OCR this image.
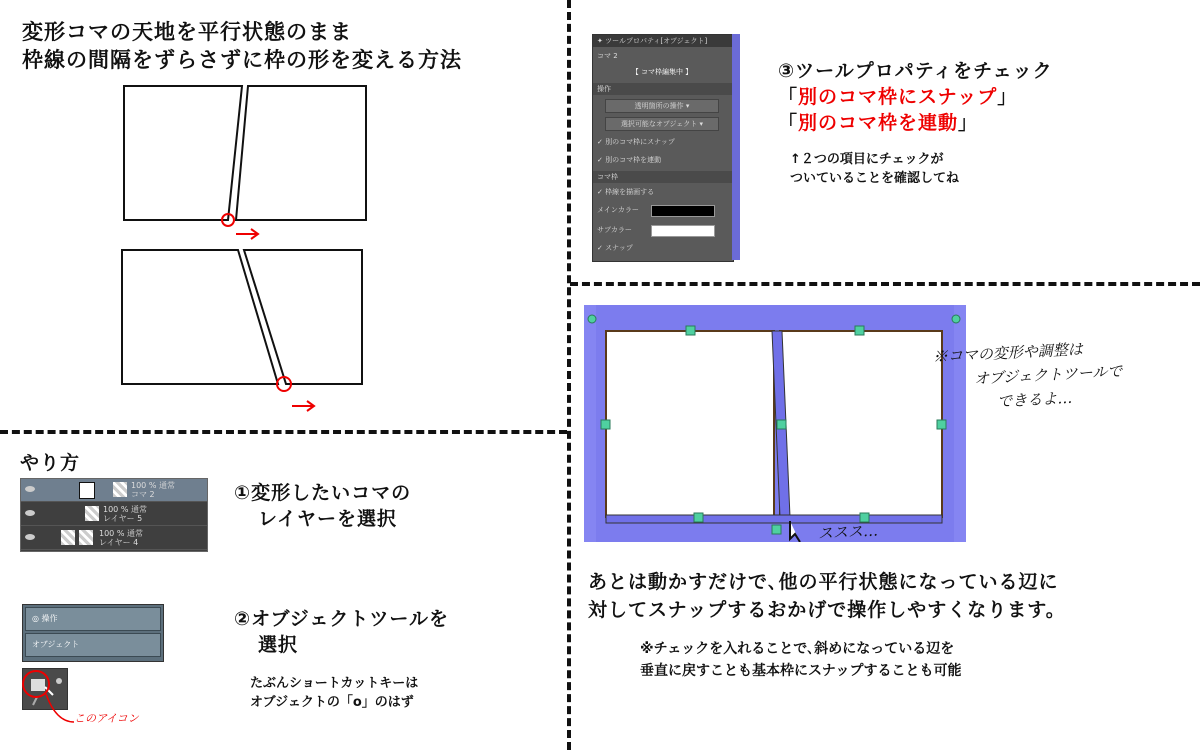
変形コマの天地を平行状態のまま
枠線の間隔をずらさずに枠の形を変える方法
やり方
100 % 通常
コマ 2
100 % 通常
レイヤー 5
100 % 通常
レイヤー 4
①変形したいコマの
レイヤーを選択
◎ 操作
オブジェクト
このアイコン
②オブジェクトツールを
選択
たぶんショートカットキーは
オブジェクトの「o」のはず
✦ ツールプロパティ[オブジェクト]
コマ 2
【 コマ枠編集中 】
操作
透明箇所の操作 ▾
選択可能なオブジェクト ▾
✓ 別のコマ枠にスナップ
✓ 別のコマ枠を連動
コマ枠
✓ 枠線を描画する
メインカラー
サブカラー
✓ スナップ
③ツールプロパティをチェック
「別のコマ枠にスナップ」
「別のコマ枠を連動」
↑２つの項目にチェックが
ついていることを確認してね
※コマの変形や調整は
オブジェクトツールで
できるよ…
ススス…
あとは動かすだけで､他の平行状態になっている辺に
対してスナップするおかげで操作しやすくなります。
※チェックを入れることで､斜めになっている辺を
垂直に戻すことも基本枠にスナップすることも可能
